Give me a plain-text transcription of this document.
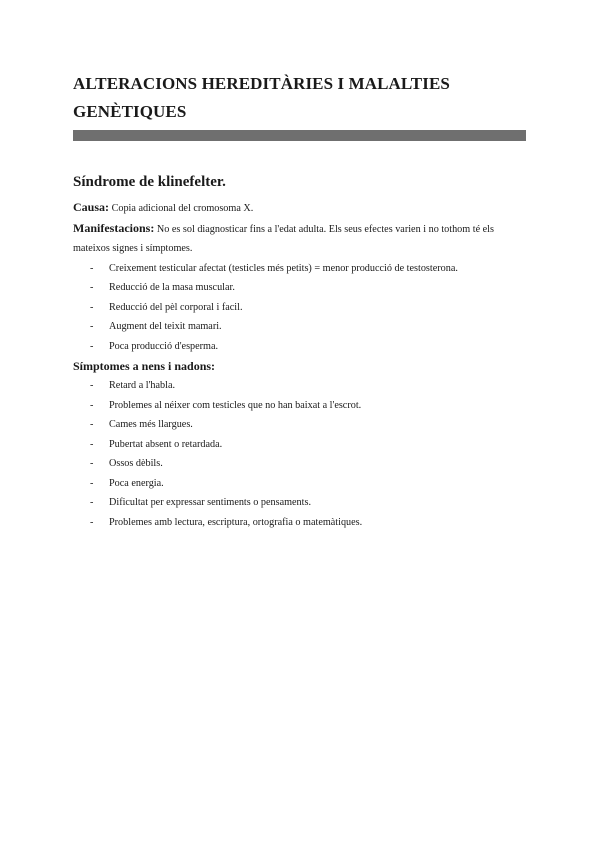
ALTERACIONS HEREDITÀRIES I MALALTIES GENÈTIQUES
Síndrome de klinefelter.

Causa: Copia adicional del cromosoma X.

Manifestacions: No es sol diagnosticar fins a l'edat adulta. Els seus efectes varien i no tothom té els mateixos signes i símptomes.

- Creixement testicular afectat (testicles més petits) = menor producció de testosterona.
- Reducció de la masa muscular.
- Reducció del pèl corporal i facil.
- Augment del teixit mamari.
- Poca producció d'esperma.

Símptomes a nens i nadons:

- Retard a l'habla.
- Problemes al néixer com testicles que no han baixat a l'escrot.
- Cames més llargues.
- Pubertat absent o retardada.
- Ossos dèbils.
- Poca energia.
- Dificultat per expressar sentiments o pensaments.
- Problemes amb lectura, escriptura, ortografia o matemàtiques.
